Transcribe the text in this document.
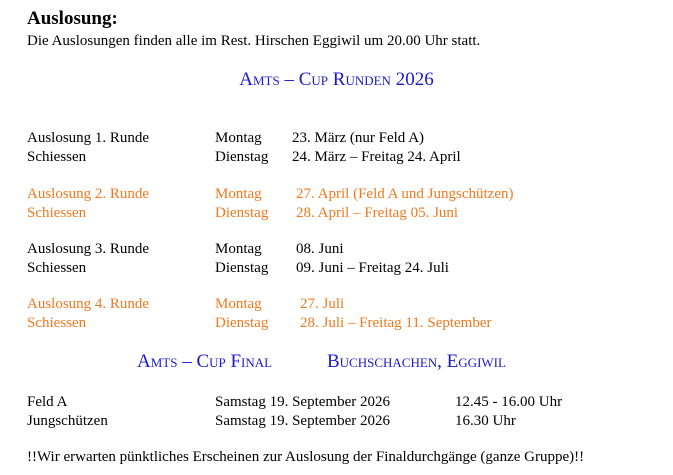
Auslosung:
Die Auslosungen finden alle im Rest. Hirschen Eggiwil um 20.00 Uhr statt.
Amts – Cup Runden 2026
Auslosung 1. Runde	Montag 23. März (nur Feld A)
Schiessen	Dienstag 24. März – Freitag 24. April
Auslosung 2. Runde	Montag 27. April (Feld A und Jungschützen)
Schiessen	Dienstag 28. April – Freitag 05. Juni
Auslosung 3. Runde	Montag 08. Juni
Schiessen	Dienstag 09. Juni – Freitag 24. Juli
Auslosung 4. Runde	Montag	27. Juli
Schiessen	Dienstag 28. Juli – Freitag 11. September
Amts – Cup Final	Buchschachen, Eggiwil
Feld A	Samstag 19. September 2026	12.45 - 16.00 Uhr
Jungschützen	Samstag 19. September 2026	16.30 Uhr
!!Wir erwarten pünktliches Erscheinen zur Auslosung der Finaldurchgänge (ganze Gruppe)!!
